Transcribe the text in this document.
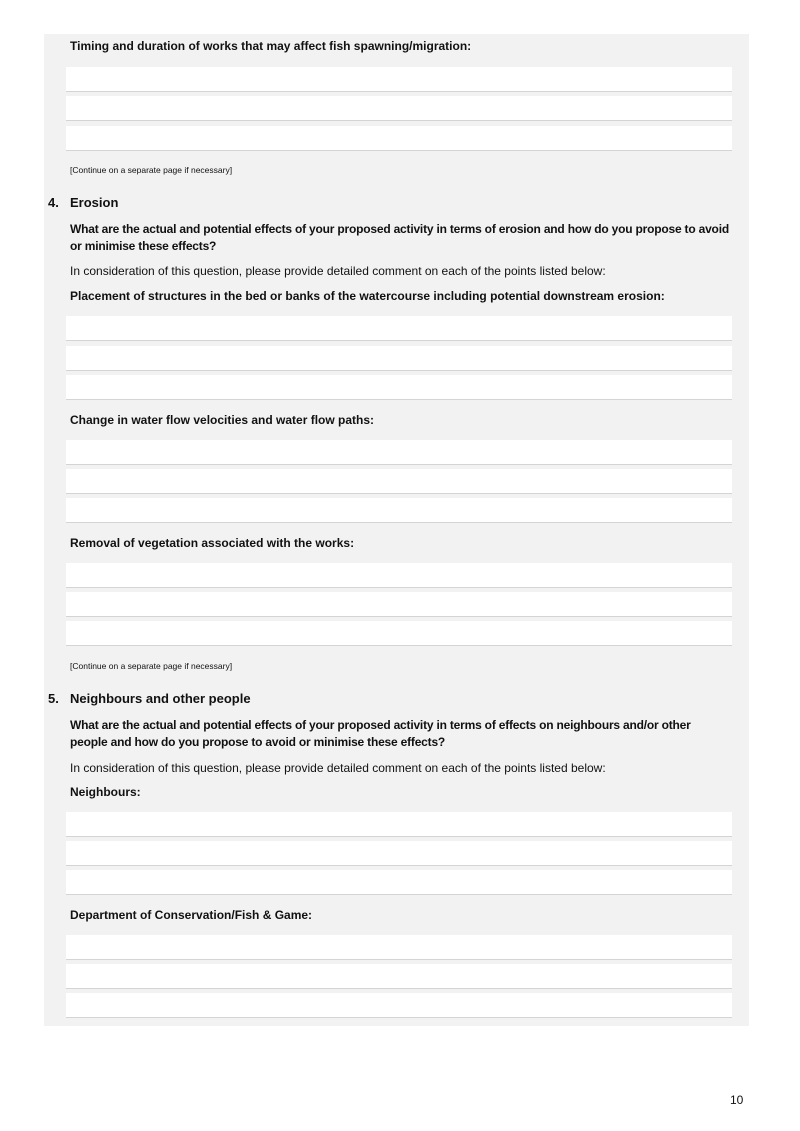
Timing and duration of works that may affect fish spawning/migration:
[Continue on a separate page if necessary]
4. Erosion
What are the actual and potential effects of your proposed activity in terms of erosion and how do you propose to avoid or minimise these effects?
In consideration of this question, please provide detailed comment on each of the points listed below:
Placement of structures in the bed or banks of the watercourse including potential downstream erosion:
Change in water flow velocities and water flow paths:
Removal of vegetation associated with the works:
[Continue on a separate page if necessary]
5. Neighbours and other people
What are the actual and potential effects of your proposed activity in terms of effects on neighbours and/or other people and how do you propose to avoid or minimise these effects?
In consideration of this question, please provide detailed comment on each of the points listed below:
Neighbours:
Department of Conservation/Fish & Game:
10
